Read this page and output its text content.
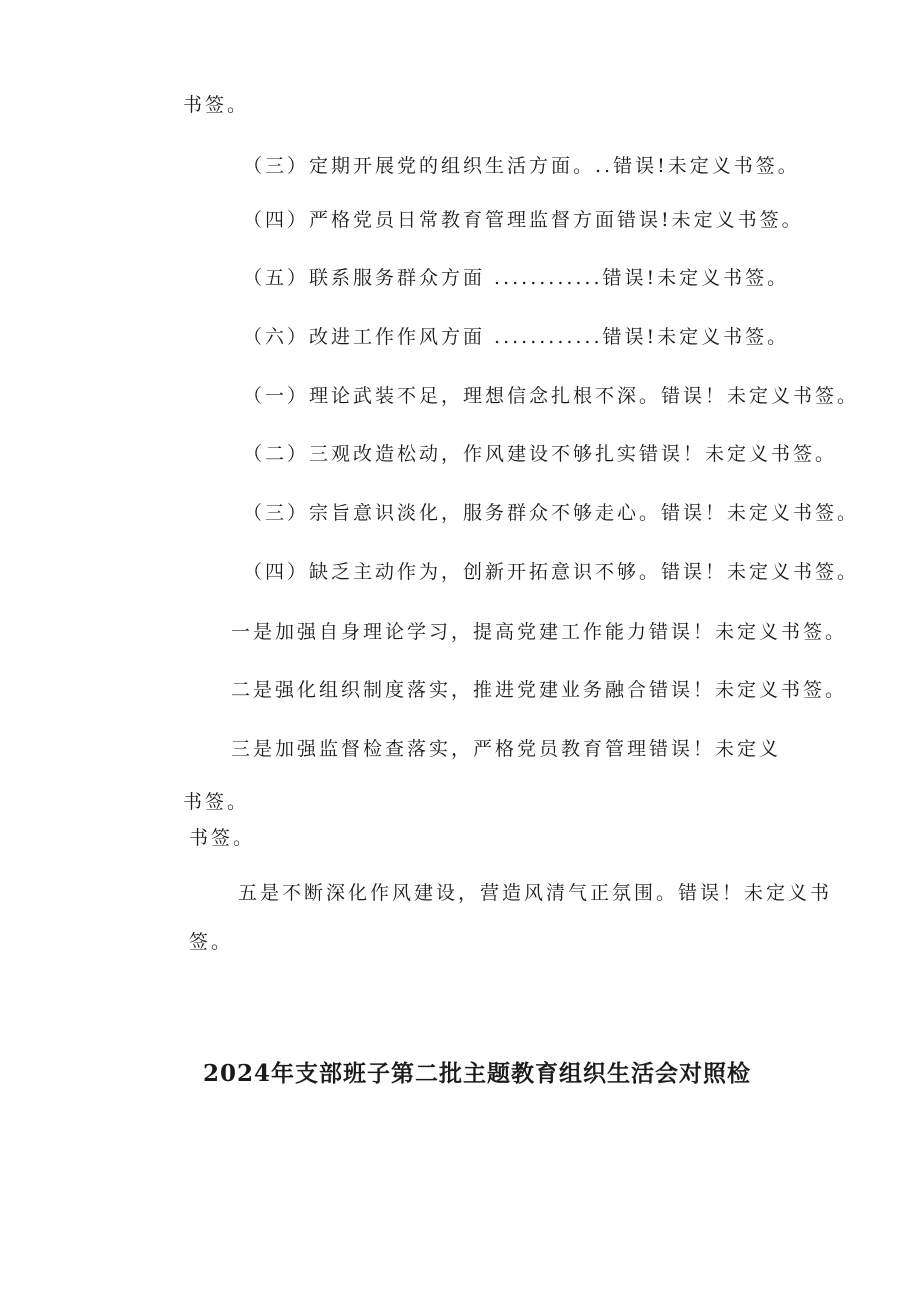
书签。
（三）定期开展党的组织生活方面。..错误!未定义书签。
（四）严格党员日常教育管理监督方面错误!未定义书签。
（五）联系服务群众方面 ............错误!未定义书签。
（六）改进工作作风方面 ............错误!未定义书签。
（一）理论武装不足，理想信念扎根不深。错误！未定义书签。
（二）三观改造松动，作风建设不够扎实错误！未定义书签。
（三）宗旨意识淡化，服务群众不够走心。错误！未定义书签。
（四）缺乏主动作为，创新开拓意识不够。错误！未定义书签。
一是加强自身理论学习，提高党建工作能力错误！未定义书签。
二是强化组织制度落实，推进党建业务融合错误！未定义书签。
三是加强监督检查落实，严格党员教育管理错误！未定义
书签。
书签。
五是不断深化作风建设，营造风清气正氛围。错误！未定义书
签。
2024年支部班子第二批主题教育组织生活会对照检
